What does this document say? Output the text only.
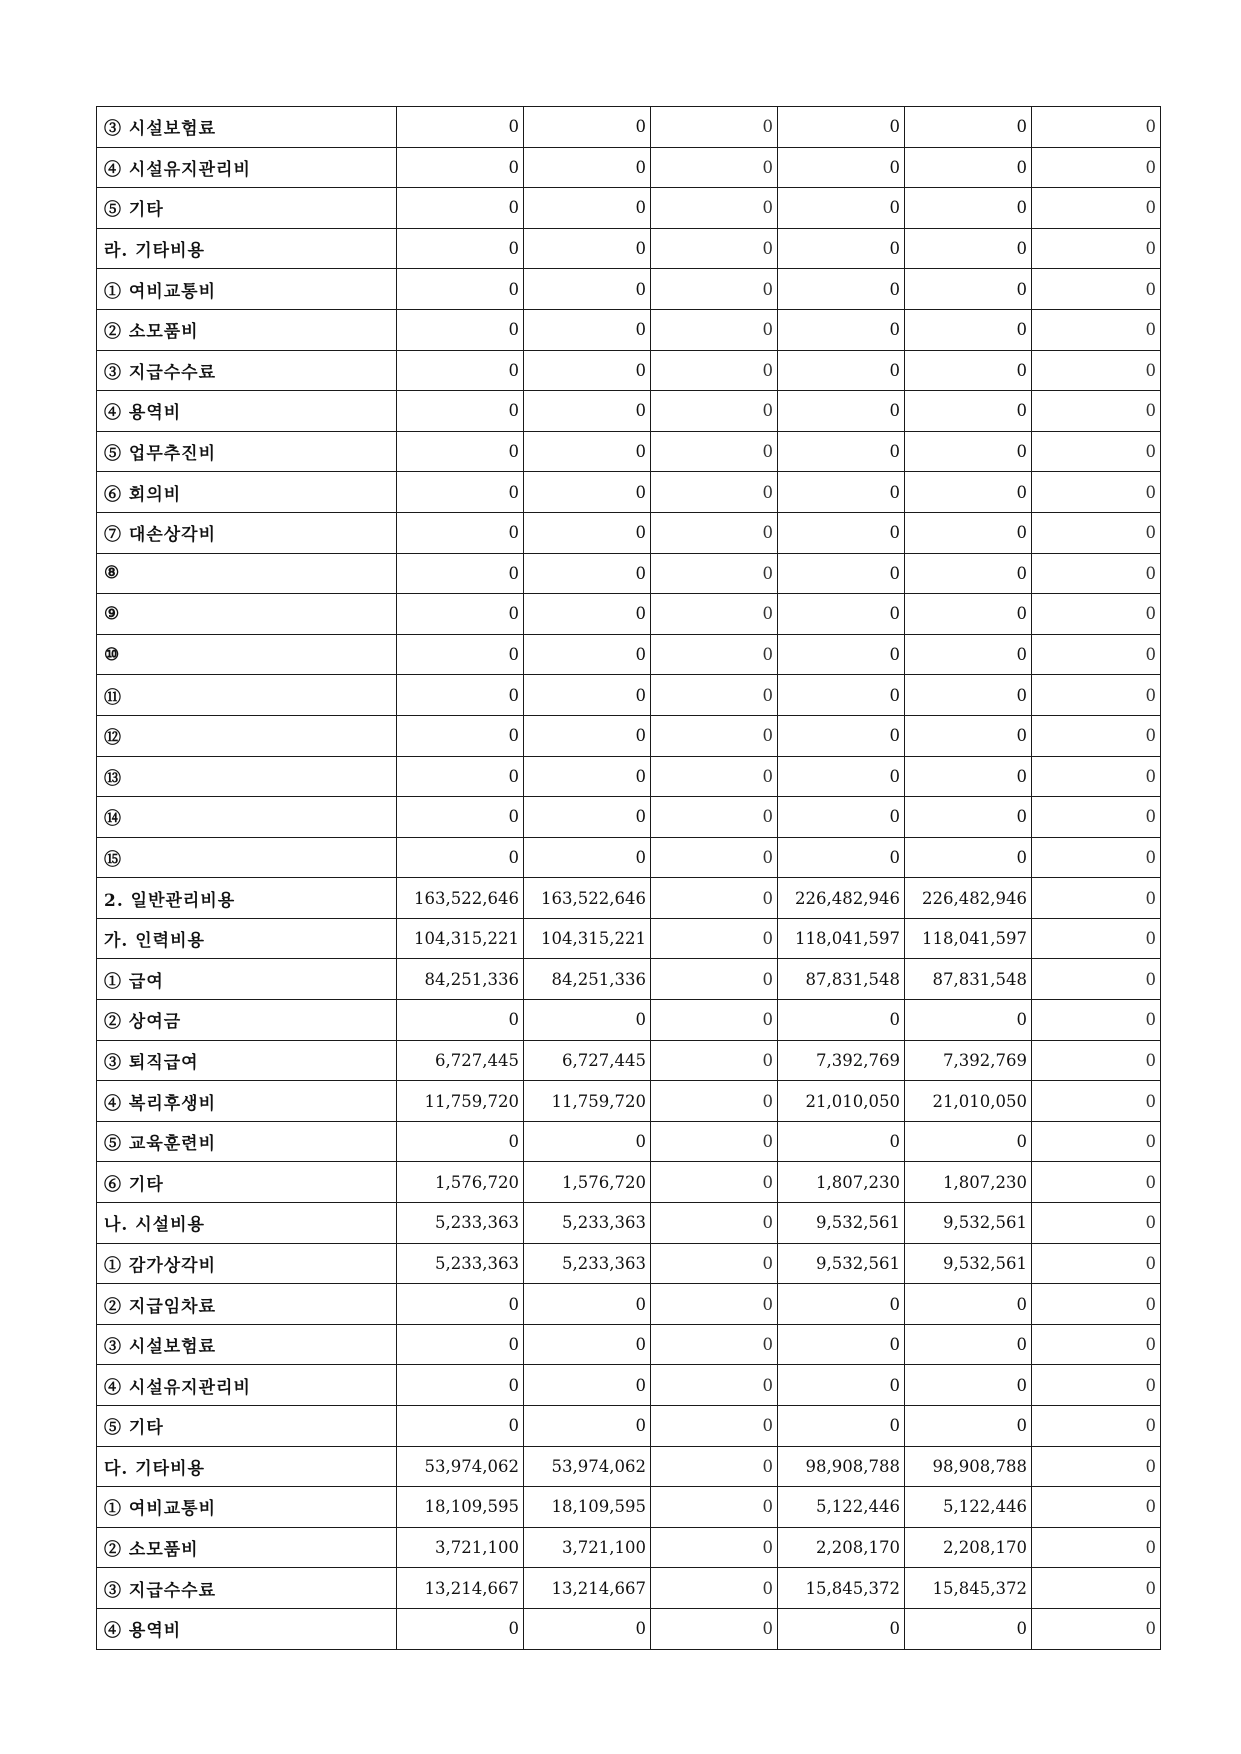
③ 시설보험료	0	0	0	0	0	0
④ 시설유지관리비	0	0	0	0	0	0
⑤ 기타	0	0	0	0	0	0
라. 기타비용	0	0	0	0	0	0
① 여비교통비	0	0	0	0	0	0
② 소모품비	0	0	0	0	0	0
③ 지급수수료	0	0	0	0	0	0
④ 용역비	0	0	0	0	0	0
⑤ 업무추진비	0	0	0	0	0	0
⑥ 회의비	0	0	0	0	0	0
⑦ 대손상각비	0	0	0	0	0	0
⑧	0	0	0	0	0	0
⑨	0	0	0	0	0	0
⑩	0	0	0	0	0	0
⑪	0	0	0	0	0	0
⑫	0	0	0	0	0	0
⑬	0	0	0	0	0	0
⑭	0	0	0	0	0	0
⑮	0	0	0	0	0	0
2. 일반관리비용	163,522,646	163,522,646	0	226,482,946	226,482,946	0
가. 인력비용	104,315,221	104,315,221	0	118,041,597	118,041,597	0
① 급여	84,251,336	84,251,336	0	87,831,548	87,831,548	0
② 상여금	0	0	0	0	0	0
③ 퇴직급여	6,727,445	6,727,445	0	7,392,769	7,392,769	0
④ 복리후생비	11,759,720	11,759,720	0	21,010,050	21,010,050	0
⑤ 교육훈련비	0	0	0	0	0	0
⑥ 기타	1,576,720	1,576,720	0	1,807,230	1,807,230	0
나. 시설비용	5,233,363	5,233,363	0	9,532,561	9,532,561	0
① 감가상각비	5,233,363	5,233,363	0	9,532,561	9,532,561	0
② 지급임차료	0	0	0	0	0	0
③ 시설보험료	0	0	0	0	0	0
④ 시설유지관리비	0	0	0	0	0	0
⑤ 기타	0	0	0	0	0	0
다. 기타비용	53,974,062	53,974,062	0	98,908,788	98,908,788	0
① 여비교통비	18,109,595	18,109,595	0	5,122,446	5,122,446	0
② 소모품비	3,721,100	3,721,100	0	2,208,170	2,208,170	0
③ 지급수수료	13,214,667	13,214,667	0	15,845,372	15,845,372	0
④ 용역비	0	0	0	0	0	0
